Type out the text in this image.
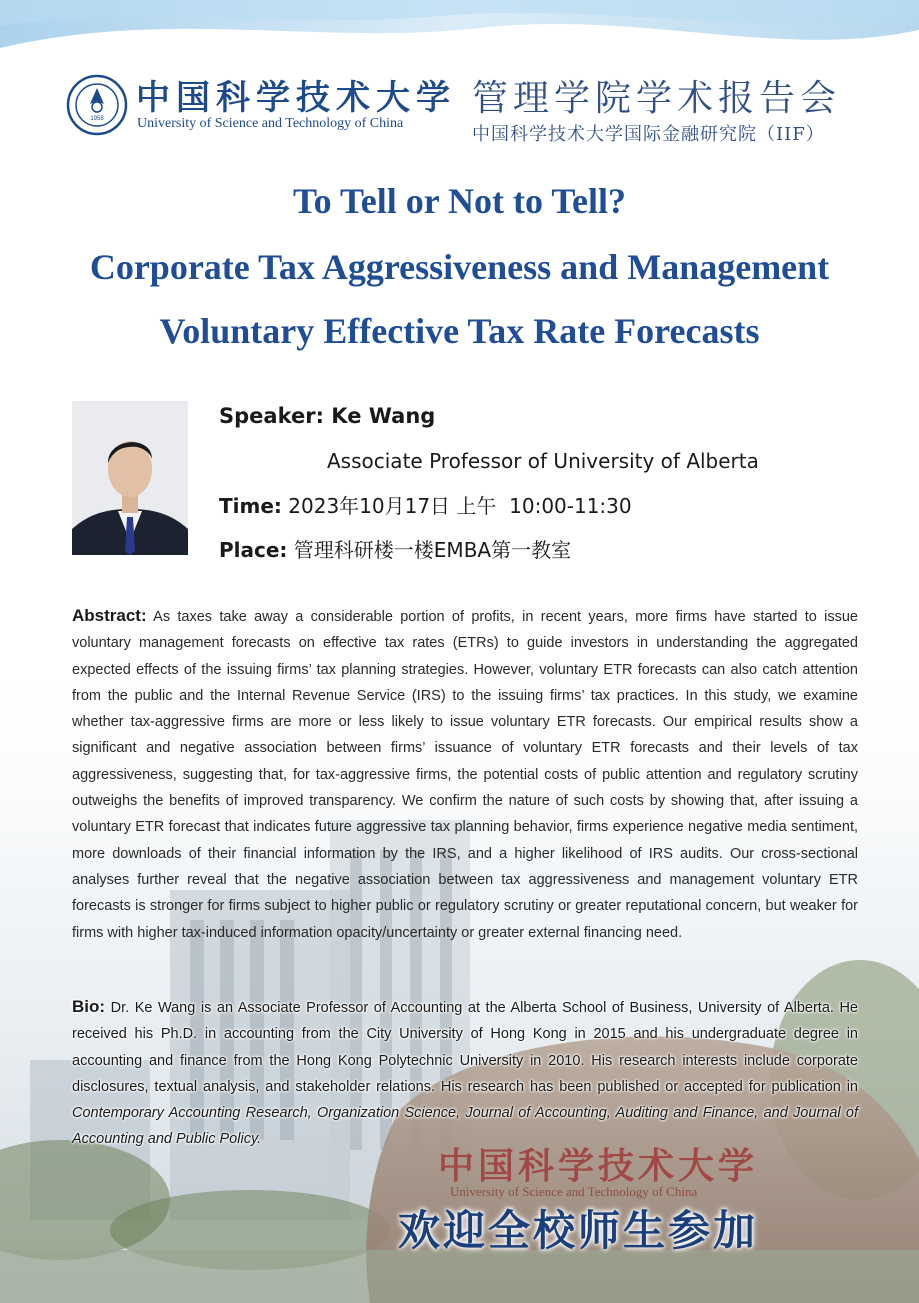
1958
中国科学技术大学
University of Science and Technology of China
管理学院学术报告会
中国科学技术大学国际金融研究院（IIF）
To Tell or Not to Tell?
Corporate Tax Aggressiveness and Management
Voluntary Effective Tax Rate Forecasts
Speaker: Ke Wang
Associate Professor of University of Alberta
Time: 2023年10月17日 上午  10:00-11:30
Place: 管理科研楼一楼EMBA第一教室
Abstract: As taxes take away a considerable portion of profits, in recent years, more firms have started to issue voluntary management forecasts on effective tax rates (ETRs) to guide investors in understanding the aggregated expected effects of the issuing firms’ tax planning strategies. However, voluntary ETR forecasts can also catch attention from the public and the Internal Revenue Service (IRS) to the issuing firms’ tax practices. In this study, we examine whether tax-aggressive firms are more or less likely to issue voluntary ETR forecasts. Our empirical results show a significant and negative association between firms’ issuance of voluntary ETR forecasts and their levels of tax aggressiveness, suggesting that, for tax-aggressive firms, the potential costs of public attention and regulatory scrutiny outweighs the benefits of improved transparency. We confirm the nature of such costs by showing that, after issuing a voluntary ETR forecast that indicates future aggressive tax planning behavior, firms experience negative media sentiment, more downloads of their financial information by the IRS, and a higher likelihood of IRS audits. Our cross-sectional analyses further reveal that the negative association between tax aggressiveness and management voluntary ETR forecasts is stronger for firms subject to higher public or regulatory scrutiny or greater reputational concern, but weaker for firms with higher tax-induced information opacity/uncertainty or greater external financing need.
Bio: Dr. Ke Wang is an Associate Professor of Accounting at the Alberta School of Business, University of Alberta. He received his Ph.D. in accounting from the City University of Hong Kong in 2015 and his undergraduate degree in accounting and finance from the Hong Kong Polytechnic University in 2010. His research interests include corporate disclosures, textual analysis, and stakeholder relations. His research has been published or accepted for publication in Contemporary Accounting Research, Organization Science, Journal of Accounting, Auditing and Finance, and Journal of Accounting and Public Policy.
中国科学技术大学
University of Science and Technology of China
欢迎全校师生参加
